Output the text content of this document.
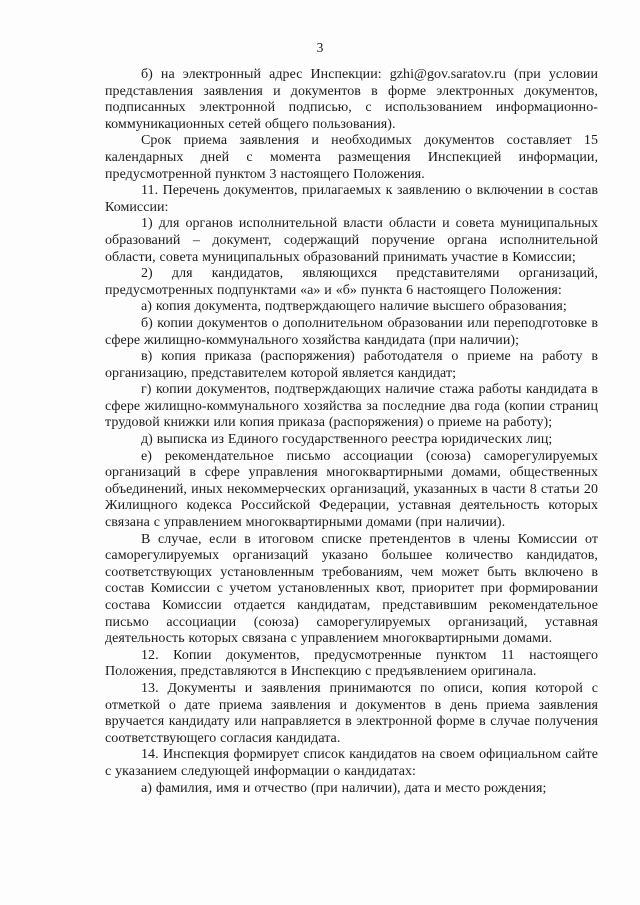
3

б) на электронный адрес Инспекции: gzhi@gov.saratov.ru (при условии представления заявления и документов в форме электронных документов, подписанных электронной подписью, с использованием информационно-коммуникационных сетей общего пользования).

Срок приема заявления и необходимых документов составляет 15 календарных дней с момента размещения Инспекцией информации, предусмотренной пунктом 3 настоящего Положения.

11. Перечень документов, прилагаемых к заявлению о включении в состав Комиссии:

1) для органов исполнительной власти области и совета муниципальных образований – документ, содержащий поручение органа исполнительной области, совета муниципальных образований принимать участие в Комиссии;

2) для кандидатов, являющихся представителями организаций, предусмотренных подпунктами «а» и «б» пункта 6 настоящего Положения:

а) копия документа, подтверждающего наличие высшего образования;

б) копии документов о дополнительном образовании или переподготовке в сфере жилищно-коммунального хозяйства кандидата (при наличии);

в) копия приказа (распоряжения) работодателя о приеме на работу в организацию, представителем которой является кандидат;

г) копии документов, подтверждающих наличие стажа работы кандидата в сфере жилищно-коммунального хозяйства за последние два года (копии страниц трудовой книжки или копия приказа (распоряжения) о приеме на работу);

д) выписка из Единого государственного реестра юридических лиц;

е) рекомендательное письмо ассоциации (союза) саморегулируемых организаций в сфере управления многоквартирными домами, общественных объединений, иных некоммерческих организаций, указанных в части 8 статьи 20 Жилищного кодекса Российской Федерации, уставная деятельность которых связана с управлением многоквартирными домами (при наличии).

В случае, если в итоговом списке претендентов в члены Комиссии от саморегулируемых организаций указано большее количество кандидатов, соответствующих установленным требованиям, чем может быть включено в состав Комиссии с учетом установленных квот, приоритет при формировании состава Комиссии отдается кандидатам, представившим рекомендательное письмо ассоциации (союза) саморегулируемых организаций, уставная деятельность которых связана с управлением многоквартирными домами.

12. Копии документов, предусмотренные пунктом 11 настоящего Положения, представляются в Инспекцию с предъявлением оригинала.

13. Документы и заявления принимаются по описи, копия которой с отметкой о дате приема заявления и документов в день приема заявления вручается кандидату или направляется в электронной форме в случае получения соответствующего согласия кандидата.

14. Инспекция формирует список кандидатов на своем официальном сайте с указанием следующей информации о кандидатах:

а) фамилия, имя и отчество (при наличии), дата и место рождения;
